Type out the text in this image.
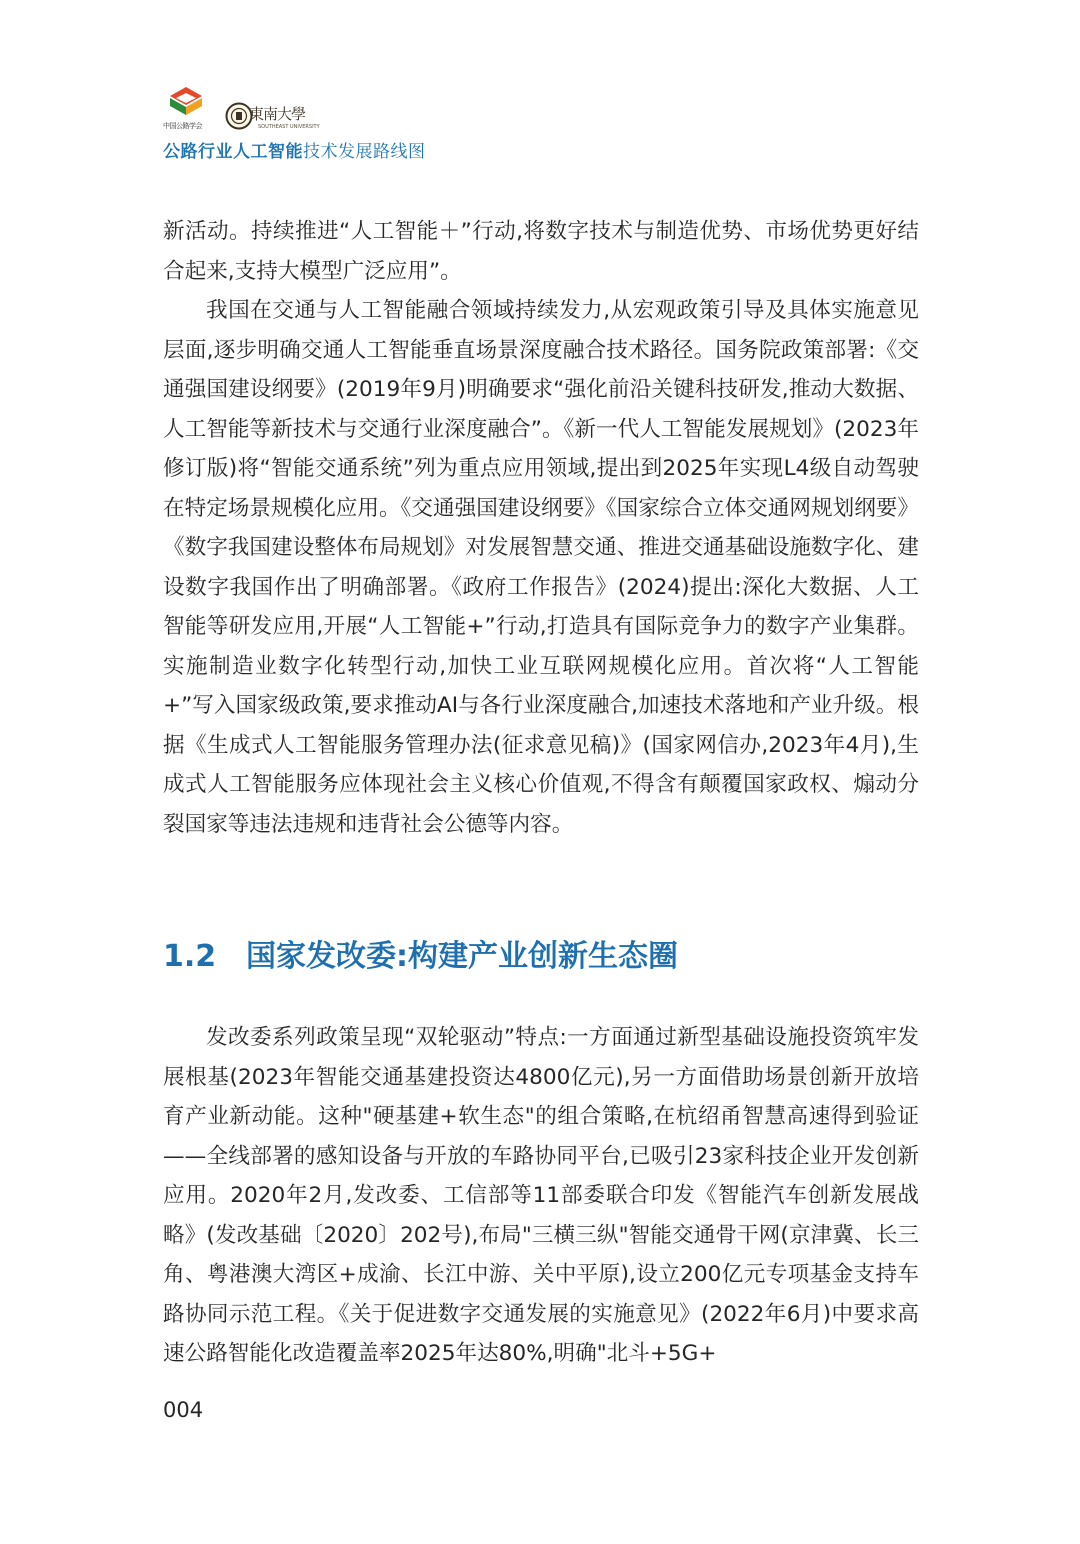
中国公路学会
東南大學
SOUTHEAST UNIVERSITY
公路行业人工智能技术发展路线图

新活动。持续推进“人工智能＋”行动,将数字技术与制造优势、市场优势更好结合起来,支持大模型广泛应用”。

我国在交通与人工智能融合领域持续发力,从宏观政策引导及具体实施意见层面,逐步明确交通人工智能垂直场景深度融合技术路径。国务院政策部署:《交通强国建设纲要》(2019年9月)明确要求“强化前沿关键科技研发,推动大数据、人工智能等新技术与交通行业深度融合”。《新一代人工智能发展规划》(2023年修订版)将“智能交通系统”列为重点应用领域,提出到2025年实现L4级自动驾驶在特定场景规模化应用。《交通强国建设纲要》《国家综合立体交通网规划纲要》《数字我国建设整体布局规划》对发展智慧交通、推进交通基础设施数字化、建设数字我国作出了明确部署。《政府工作报告》(2024)提出:深化大数据、人工智能等研发应用,开展“人工智能+”行动,打造具有国际竞争力的数字产业集群。实施制造业数字化转型行动,加快工业互联网规模化应用。首次将“人工智能+”写入国家级政策,要求推动AI与各行业深度融合,加速技术落地和产业升级。根据《生成式人工智能服务管理办法(征求意见稿)》(国家网信办,2023年4月),生成式人工智能服务应体现社会主义核心价值观,不得含有颠覆国家政权、煽动分裂国家等违法违规和违背社会公德等内容。

1.2 国家发改委:构建产业创新生态圈

发改委系列政策呈现“双轮驱动”特点:一方面通过新型基础设施投资筑牢发展根基(2023年智能交通基建投资达4800亿元),另一方面借助场景创新开放培育产业新动能。这种"硬基建+软生态"的组合策略,在杭绍甬智慧高速得到验证——全线部署的感知设备与开放的车路协同平台,已吸引23家科技企业开发创新应用。2020年2月,发改委、工信部等11部委联合印发《智能汽车创新发展战略》(发改基础〔2020〕202号),布局"三横三纵"智能交通骨干网(京津冀、长三角、粤港澳大湾区+成渝、长江中游、关中平原),设立200亿元专项基金支持车路协同示范工程。《关于促进数字交通发展的实施意见》(2022年6月)中要求高速公路智能化改造覆盖率2025年达80%,明确"北斗+5G+

004
